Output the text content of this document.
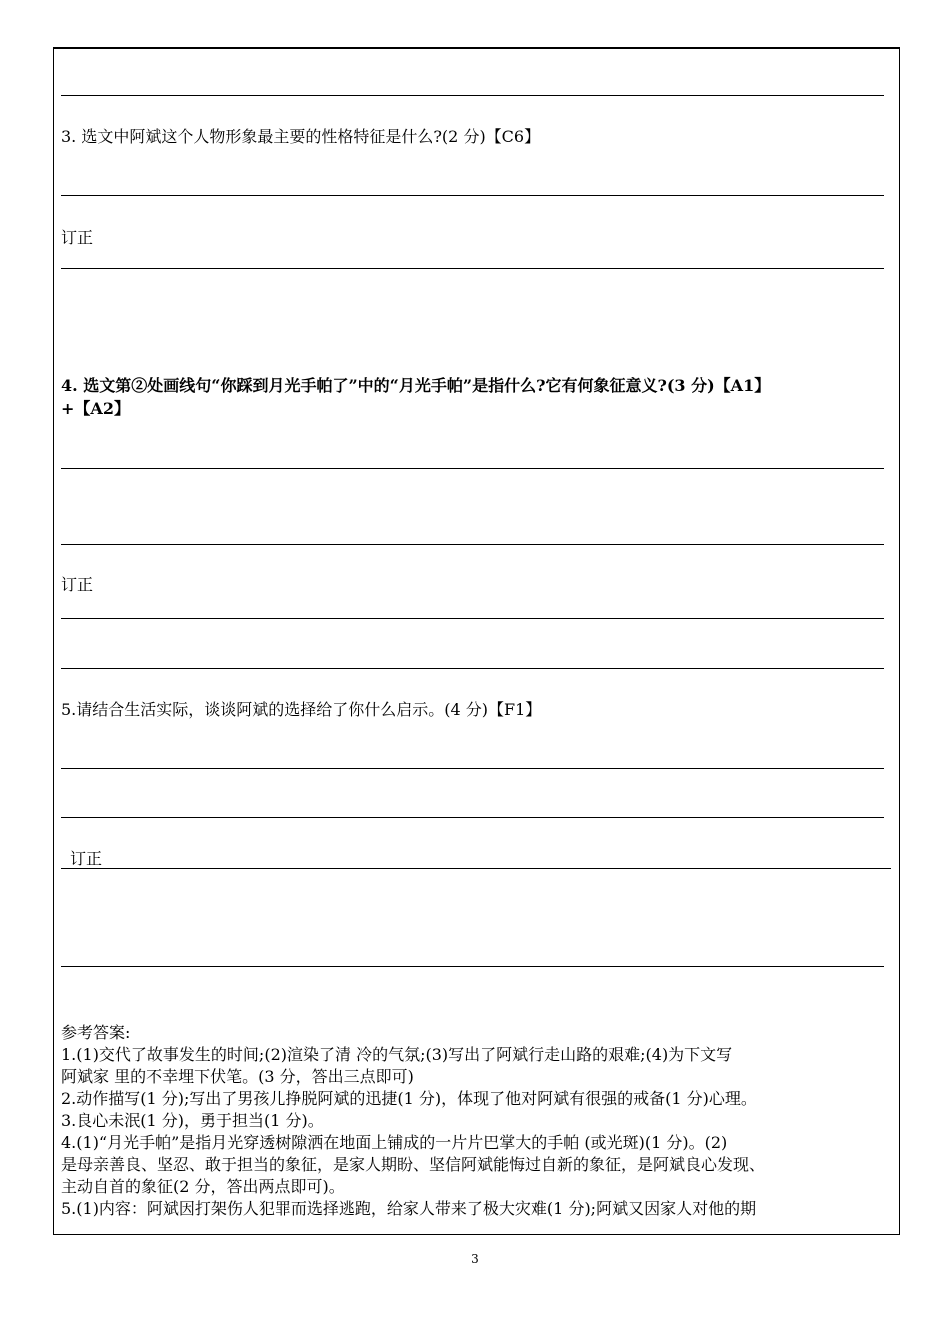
3. 选文中阿斌这个人物形象最主要的性格特征是什么?(2 分)【C6】
订正
4. 选文第②处画线句“你踩到月光手帕了”中的“月光手帕”是指什么?它有何象征意义?(3 分)【A1】
+【A2】
订正
5.请结合生活实际，谈谈阿斌的选择给了你什么启示。(4 分)【F1】
订正

参考答案:

1.(1)交代了故事发生的时间;(2)渲染了清 冷的气氛;(3)写出了阿斌行走山路的艰难;(4)为下文写

阿斌家 里的不幸埋下伏笔。(3 分，答出三点即可)

2.动作描写(1 分);写出了男孩儿挣脱阿斌的迅捷(1 分)，体现了他对阿斌有很强的戒备(1 分)心理。

3.良心未泯(1 分)，勇于担当(1 分)。

4.(1)“月光手帕”是指月光穿透树隙洒在地面上铺成的一片片巴掌大的手帕 (或光斑)(1 分)。(2)

是母亲善良、坚忍、敢于担当的象征，是家人期盼、坚信阿斌能悔过自新的象征，是阿斌良心发现、

主动自首的象征(2 分，答出两点即可)。

5.(1)内容：阿斌因打架伤人犯罪而选择逃跑，给家人带来了极大灾难(1 分);阿斌又因家人对他的期

3
